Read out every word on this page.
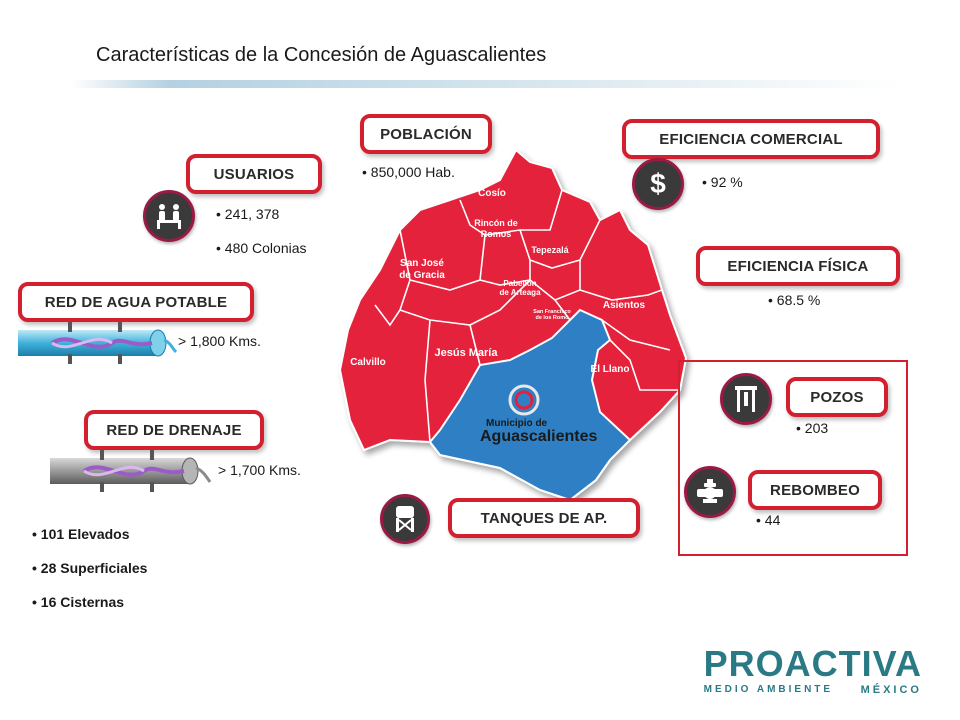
Características de la Concesión de Aguascalientes
Cosío
Rincón de
Romos
San José
de Gracia
Tepezalá
Pabellón
de Arteaga
San Francisco
de los Romo
Asientos
Calvillo
Jesús María
El Llano
Municipio de
Aguascalientes
USUARIOS
• 241, 378
• 480 Colonias
POBLACIÓN
• 850,000 Hab.
EFICIENCIA COMERCIAL
$	• 92 %
EFICIENCIA FÍSICA
• 68.5 %
RED DE AGUA POTABLE
> 1,800 Kms.
RED DE DRENAJE
> 1,700 Kms.
TANQUES DE AP.
• 101 Elevados
• 28 Superficiales
• 16 Cisternas
POZOS
• 203
REBOMBEO
• 44
PROACTIVA
MEDIO AMBIENTE	MÉXICO
